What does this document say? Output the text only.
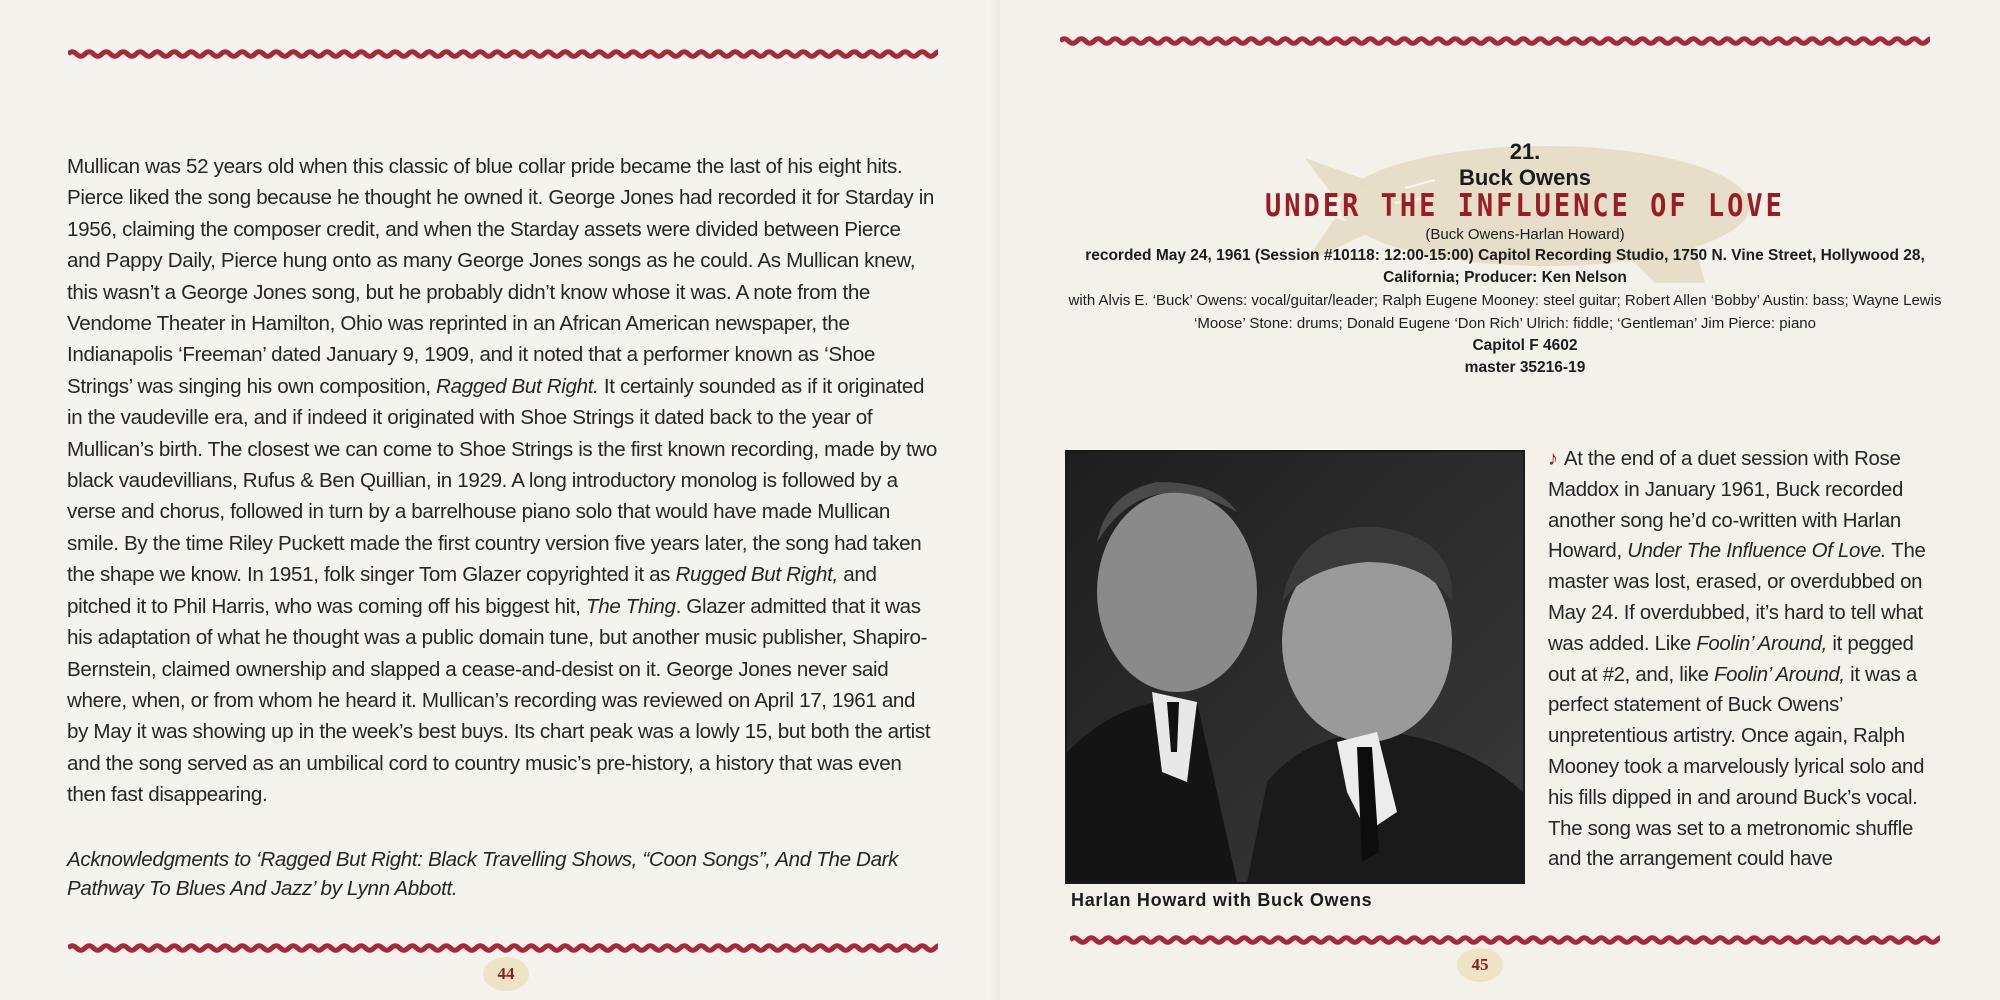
Mullican was 52 years old when this classic of blue collar pride became the last of his eight hits. Pierce liked the song because he thought he owned it. George Jones had recorded it for Starday in 1956, claiming the composer credit, and when the Starday assets were divided between Pierce and Pappy Daily, Pierce hung onto as many George Jones songs as he could. As Mullican knew, this wasn’t a George Jones song, but he probably didn’t know whose it was. A note from the Vendome Theater in Hamilton, Ohio was reprinted in an African American newspaper, the Indianapolis ‘Freeman’ dated January 9, 1909, and it noted that a performer known as ‘Shoe Strings’ was singing his own composition, Ragged But Right. It certainly sounded as if it originated in the vaudeville era, and if indeed it originated with Shoe Strings it dated back to the year of Mullican’s birth. The closest we can come to Shoe Strings is the first known recording, made by two black vaudevillians, Rufus & Ben Quillian, in 1929. A long introductory monolog is followed by a verse and chorus, followed in turn by a barrelhouse piano solo that would have made Mullican smile. By the time Riley Puckett made the first country version five years later, the song had taken the shape we know. In 1951, folk singer Tom Glazer copyrighted it as Rugged But Right, and pitched it to Phil Harris, who was coming off his biggest hit, The Thing. Glazer admitted that it was his adaptation of what he thought was a public domain tune, but another music publisher, Shapiro-Bernstein, claimed ownership and slapped a cease-and-desist on it. George Jones never said where, when, or from whom he heard it. Mullican’s recording was reviewed on April 17, 1961 and by May it was showing up in the week’s best buys. Its chart peak was a lowly 15, but both the artist and the song served as an umbilical cord to country music’s pre-history, a history that was even then fast disappearing.

Acknowledgments to ‘Ragged But Right: Black Travelling Shows, “Coon Songs”, And The Dark Pathway To Blues And Jazz’ by Lynn Abbott.
44
21.
Buck Owens
UNDER THE INFLUENCE OF LOVE
(Buck Owens-Harlan Howard)
recorded May 24, 1961 (Session #10118: 12:00-15:00) Capitol Recording Studio, 1750 N. Vine Street, Hollywood 28, California; Producer: Ken Nelson
with Alvis E. ‘Buck’ Owens: vocal/guitar/leader; Ralph Eugene Mooney: steel guitar; Robert Allen ‘Bobby’ Austin: bass; Wayne Lewis ‘Moose’ Stone: drums; Donald Eugene ‘Don Rich’ Ulrich: fiddle; ‘Gentleman’ Jim Pierce: piano
Capitol F 4602
master 35216-19
Harlan Howard with Buck Owens

♪ At the end of a duet session with Rose Maddox in January 1961, Buck recorded another song he’d co-written with Harlan Howard, Under The Influence Of Love. The master was lost, erased, or overdubbed on May 24. If overdubbed, it’s hard to tell what was added. Like Foolin’ Around, it pegged out at #2, and, like Foolin’ Around, it was a perfect statement of Buck Owens’ unpretentious artistry. Once again, Ralph Mooney took a marvelously lyrical solo and his fills dipped in and around Buck’s vocal. The song was set to a metronomic shuffle and the arrangement could have

45
